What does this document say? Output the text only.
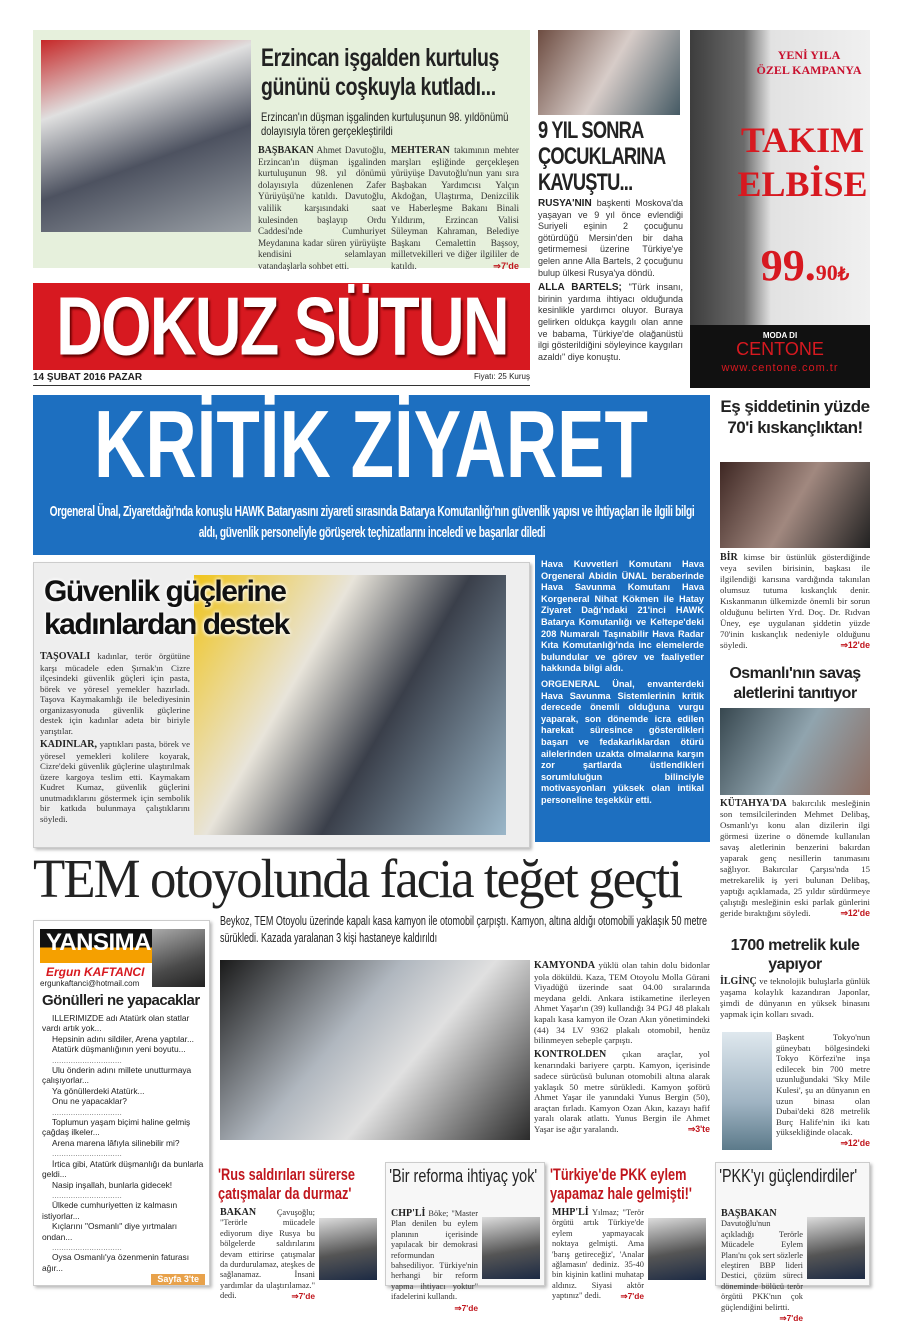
Erzincan işgalden kurtuluş gününü coşkuyla kutladı...
Erzincan'ın düşman işgalinden kurtuluşunun 98. yıldönümü dolayısıyla tören gerçekleştirildi
BAŞBAKAN Ahmet Davutoğlu, Erzincan'ın düşman işgalinden kurtuluşunun 98. yıl dönümü dolayısıyla düzenlenen Zafer Yürüyüşü'ne katıldı. Davutoğlu, valilik karşısındaki saat kulesinden başlayıp Ordu Caddesi'nde Cumhuriyet Meydanına kadar süren yürüyüşte kendisini selamlayan vatandaşlarla sohbet etti.
MEHTERAN takımının mehter marşları eşliğinde gerçekleşen yürüyüşe Davutoğlu'nun yanı sıra Başbakan Yardımcısı Yalçın Akdoğan, Ulaştırma, Denizcilik ve Haberleşme Bakanı Binali Yıldırım, Erzincan Valisi Süleyman Kahraman, Belediye Başkanı Cemalettin Başsoy, milletvekilleri ve diğer ilgililer de katıldı.	⇒ 7'de
DOKUZ SÜTUN
14 ŞUBAT 2016 PAZAR	Fiyatı: 25 Kuruş
9 YIL SONRA ÇOCUKLARINA KAVUŞTU...

RUSYA'NIN başkenti Moskova'da yaşayan ve 9 yıl önce evlendiği Suriyeli eşinin 2 çocuğunu götürdüğü Mersin'den bir daha getirmemesi üzerine Türkiye'ye gelen anne Alla Bartels, 2 çocuğunu bulup ülkesi Rusya'ya döndü.

ALLA BARTELS; "Türk insanı, birinin yardıma ihtiyacı olduğunda kesinlikle yardımcı oluyor. Buraya gelirken oldukça kaygılı olan anne ve babama, Türkiye'de olağanüstü ilgi gösterildiğini söyleyince kaygıları azaldı" diye konuştu.

YENİ YILA
ÖZEL KAMPANYA
TAKIM
ELBİSE
99.90₺
MODA DI
CENTONE
www.centone.com.tr
KRİTİK ZİYARET
Orgeneral Ünal, Ziyaretdağı'nda konuşlu HAWK Bataryasını ziyareti sırasında Batarya Komutanlığı'nın güvenlik yapısı ve ihtiyaçları ile ilgili bilgi aldı, güvenlik personeliyle görüşerek teçhizatlarını inceledi ve başarılar diledi

Hava Kuvvetleri Komutanı Hava Orgeneral Abidin ÜNAL beraberinde Hava Savunma Komutanı Hava Korgeneral Nihat Kökmen ile Hatay Ziyaret Dağı'ndaki 21'inci HAWK Batarya Komutanlığı ve Keltepe'deki 208 Numaralı Taşınabilir Hava Radar Kıta Komutanlığı'nda inc elemelerde bulundular ve görev ve faaliyetler hakkında bilgi aldı.

ORGENERAL Ünal, envanterdeki Hava Savunma Sistemlerinin kritik derecede önemli olduğuna vurgu yaparak, son dönemde icra edilen harekat süresince gösterdikleri başarı ve fedakarlıklardan ötürü ailelerinden uzakta olmalarına karşın zor şartlarda üstlendikleri sorumluluğun bilinciyle motivasyonları yüksek olan intikal personeline teşekkür etti.

Güvenlik güçlerine kadınlardan destek

TAŞOVALI kadınlar, terör örgütüne karşı mücadele eden Şırnak'ın Cizre ilçesindeki güvenlik güçleri için pasta, börek ve yöresel yemekler hazırladı. Taşova Kaymakamlığı ile belediyesinin organizasyonuda güvenlik güçlerine destek için kadınlar adeta bir biriyle yarıştılar.

KADINLAR, yaptıkları pasta, börek ve yöresel yemekleri kolilere koyarak, Cizre'deki güvenlik güçlerine ulaştırılmak üzere kargoya teslim etti. Kaymakam Kudret Kumaz, güvenlik güçlerini unutmadıklarını göstermek için sembolik bir katkıda bulunmaya çalıştıklarını söyledi.

Eş şiddetinin yüzde 70'i kıskançlıktan!
BİR kimse bir üstünlük gösterdiğinde veya sevilen birisinin, başkası ile ilgilendiği karısına vardığında takınılan olumsuz tutuma kıskançlık denir. Kıskanmanın ülkemizde önemli bir sorun olduğunu belirten Yrd. Doç. Dr. Rıdvan Üney, eşe uygulanan şiddetin yüzde 70'inin kıskançlık nedeniyle olduğunu söyledi.	⇒ 12'de
Osmanlı'nın savaş aletlerini tanıtıyor
KÜTAHYA'DA bakırcılık mesleğinin son temsilcilerinden Mehmet Delibaş, Osmanlı'yı konu alan dizilerin ilgi görmesi üzerine o dönemde kullanılan savaş aletlerinin benzerini bakırdan yaparak genç nesillerin tanımasını sağlıyor. Bakırcılar Çarşısı'nda 15 metrekarelik iş yeri bulunan Delibaş, yaptığı açıklamada, 25 yıldır sürdürmeye çalıştığı mesleğinin eski parlak günlerini geride bıraktığını söyledi.	⇒ 12'de
1700 metrelik kule yapıyor
İLGİNÇ ve teknolojik buluşlarla günlük yaşama kolaylık kazandıran Japonlar, şimdi de dünyanın en yüksek binasını yapmak için kolları sıvadı.
Başkent Tokyo'nun güneybatı bölgesindeki Tokyo Körfezi'ne inşa edilecek bin 700 metre uzunluğundaki 'Sky Mile Kulesi', şu an dünyanın en uzun binası olan Dubai'deki 828 metrelik Burç Halife'nin iki katı yüksekliğinde olacak.
⇒ 12'de
TEM otoyolunda facia teğet geçti
Beykoz, TEM Otoyolu üzerinde kapalı kasa kamyon ile otomobil çarpıştı. Kamyon, altına aldığı otomobili yaklaşık 50 metre sürükledi. Kazada yaralanan 3 kişi hastaneye kaldırıldı

KAMYONDA yüklü olan tahin dolu bidonlar yola döküldü. Kaza, TEM Otoyolu Molla Gürani Viyadüğü üzerinde saat 04.00 sıralarında meydana geldi. Ankara istikametine ilerleyen Ahmet Yaşar'ın (39) kullandığı 34 PGJ 48 plakalı kapalı kasa kamyon ile Ozan Akın yönetimindeki (44) 34 LV 9362 plakalı otomobil, henüz bilinmeyen sebeple çarpıştı.

KONTROLDEN çıkan araçlar, yol kenarındaki bariyere çarptı. Kamyon, içerisinde sadece sürücüsü bulunan otomobili altına alarak yaklaşık 50 metre sürükledi. Kamyon şoförü Ahmet Yaşar ile yanındaki Yunus Bergin (50), araçtan fırladı. Kamyon Ozan Akın, kazayı hafif yaralı olarak atlattı. Yunus Bergin ile Ahmet Yaşar ise ağır yaralandı.	⇒ 3'te

YANSIMA
Ergun KAFTANCI
ergunkaftanci@hotmail.com
Gönülleri ne yapacaklar
ILLERIMIZDE adı Atatürk olan statlar vardı artık yok...
Hepsinin adını sildiler, Arena yaptılar...
Atatürk düşmanlığının yeni boyutu...
..............................
Ulu önderin adını millete unutturmaya çalışıyorlar...
Ya gönüllerdeki Atatürk...
Onu ne yapacaklar?
..............................
Toplumun yaşam biçimi haline gelmiş çağdaş ilkeler...
Arena marena lâfıyla silinebilir mi?
..............................
İrtica gibi, Atatürk düşmanlığı da bunlarla geldi...
Nasip inşallah, bunlarla gidecek!
..............................
Ülkede cumhuriyetten iz kalmasın istiyorlar...
Kıçlarını "Osmanlı" diye yırtmaları ondan...
..............................
Oysa Osmanlı'ya özenmenin faturası ağır...
Sayfa 3'te
'Rus saldırıları sürerse çatışmalar da durmaz'
BAKAN Çavuşoğlu; "Terörle mücadele ediyorum diye Rusya bu bölgelerde saldırılarını devam ettirirse çatışmalar da durdurulamaz, ateşkes de sağlanamaz. İnsani yardımlar da ulaştırılamaz." dedi.	⇒ 7'de
'Bir reforma ihtiyaç yok'
CHP'Lİ Böke; "Master Plan denilen bu eylem planının içerisinde yapılacak bir demokrasi reformundan bahsediliyor. Türkiye'nin herhangi bir reform yapma ihtiyacı yoktur" ifadelerini kullandı.
⇒ 7'de
'Türkiye'de PKK eylem yapamaz hale gelmişti!'
MHP'Lİ Yılmaz; "Terör örgütü artık Türkiye'de eylem yapmayacak noktaya gelmişti. Ama 'barış getireceğiz', 'Analar ağlamasın' dediniz. 35-40 bin kişinin katlini muhatap aldınız. Siyasi aktör yaptınız" dedi.	⇒ 7'de
'PKK'yı güçlendirdiler'
BAŞBAKAN Davutoğlu'nun açıkladığı Terörle Mücadele Eylem Planı'nı çok sert sözlerle eleştiren BBP lideri Destici, çözüm süreci döneminde bölücü terör örgütü PKK'nın çok güçlendiğini belirtti.
⇒ 7'de
